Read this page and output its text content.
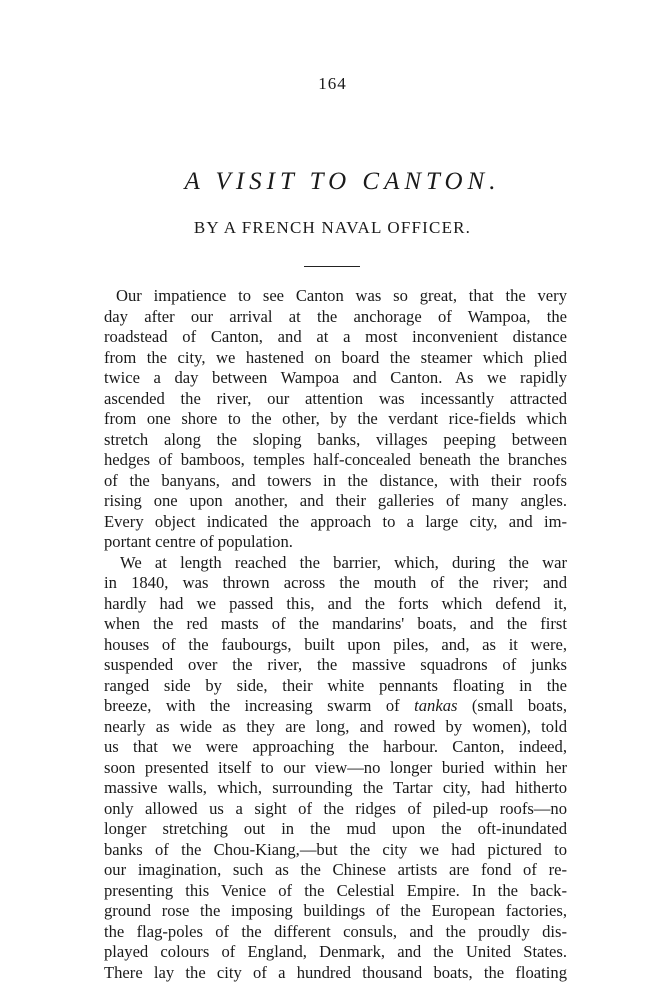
164
A VISIT TO CANTON.
BY A FRENCH NAVAL OFFICER.
Our impatience to see Canton was so great, that the very
day after our arrival at the anchorage of Wampoa, the
roadstead of Canton, and at a most inconvenient distance
from the city, we hastened on board the steamer which plied
twice a day between Wampoa and Canton. As we rapidly
ascended the river, our attention was incessantly attracted
from one shore to the other, by the verdant rice-fields which
stretch along the sloping banks, villages peeping between
hedges of bamboos, temples half-concealed beneath the branches
of the banyans, and towers in the distance, with their roofs
rising one upon another, and their galleries of many angles.
Every object indicated the approach to a large city, and im-
portant centre of population.
We at length reached the barrier, which, during the war
in 1840, was thrown across the mouth of the river; and
hardly had we passed this, and the forts which defend it,
when the red masts of the mandarins' boats, and the first
houses of the faubourgs, built upon piles, and, as it were,
suspended over the river, the massive squadrons of junks
ranged side by side, their white pennants floating in the
breeze, with the increasing swarm of tankas (small boats,
nearly as wide as they are long, and rowed by women), told
us that we were approaching the harbour. Canton, indeed,
soon presented itself to our view—no longer buried within her
massive walls, which, surrounding the Tartar city, had hitherto
only allowed us a sight of the ridges of piled-up roofs—no
longer stretching out in the mud upon the oft-inundated
banks of the Chou-Kiang,—but the city we had pictured to
our imagination, such as the Chinese artists are fond of re-
presenting this Venice of the Celestial Empire. In the back-
ground rose the imposing buildings of the European factories,
the flag-poles of the different consuls, and the proudly dis-
played colours of England, Denmark, and the United States.
There lay the city of a hundred thousand boats, the floating
